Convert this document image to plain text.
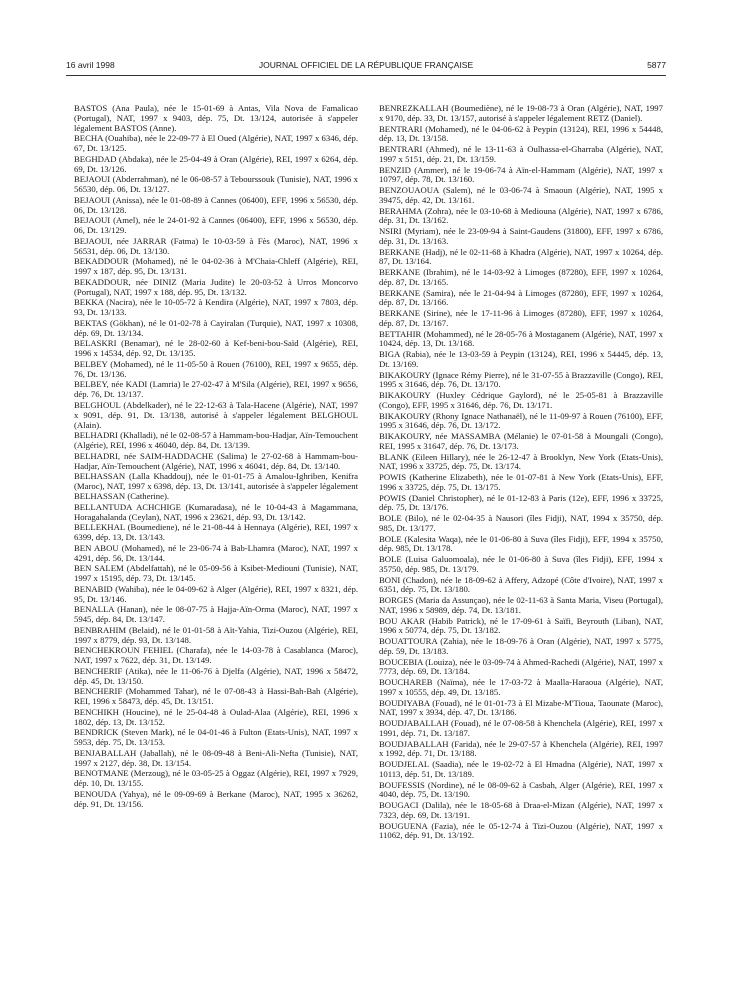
16 avril 1998	JOURNAL OFFICIEL DE LA RÉPUBLIQUE FRANÇAISE	5877
BASTOS (Ana Paula), née le 15-01-69 à Antas, Vila Nova de Famalicao (Portugal), NAT, 1997 x 9403, dép. 75, Dt. 13/124, autorisée à s'appeler légalement BASTOS (Anne).
BECHA (Ouahiba), née le 22-09-77 à El Oued (Algérie), NAT, 1997 x 6346, dép. 67, Dt. 13/125.
BEGHDAD (Abdaka), née le 25-04-49 à Oran (Algérie), REI, 1997 x 6264, dép. 69, Dt. 13/126.
BEJAOUI (Abderrahman), né le 06-08-57 à Tebourssouk (Tunisie), NAT, 1996 x 56530, dép. 06, Dt. 13/127.
BEJAOUI (Anissa), née le 01-08-89 à Cannes (06400), EFF, 1996 x 56530, dép. 06, Dt. 13/128.
BEJAOUI (Amel), née le 24-01-92 à Cannes (06400), EFF, 1996 x 56530, dép. 06, Dt. 13/129.
BEJAOUI, née JARRAR (Fatma) le 10-03-59 à Fès (Maroc), NAT, 1996 x 56531, dép. 06, Dt. 13/130.
BEKADDOUR (Mohamed), né le 04-02-36 à M'Chaia-Chleff (Algérie), REI, 1997 x 187, dép. 95, Dt. 13/131.
BEKADDOUR, née DINIZ (Maria Judite) le 20-03-52 à Urros Moncorvo (Portugal), NAT, 1997 x 188, dép. 95, Dt. 13/132.
BEKKA (Nacira), née le 10-05-72 à Kendira (Algérie), NAT, 1997 x 7803, dép. 93, Dt. 13/133.
BEKTAS (Gökhan), né le 01-02-78 à Cayiralan (Turquie), NAT, 1997 x 10308, dép. 69, Dt. 13/134.
BELASKRI (Benamar), né le 28-02-60 à Kef-beni-bou-Saïd (Algérie), REI, 1996 x 14534, dép. 92, Dt. 13/135.
BELBEY (Mohamed), né le 11-05-50 à Rouen (76100), REI, 1997 x 9655, dép. 76, Dt. 13/136.
BELBEY, née KADI (Lamria) le 27-02-47 à M'Sila (Algérie), REI, 1997 x 9656, dép. 76, Dt. 13/137.
BELGHOUL (Abdelkader), né le 22-12-63 à Tala-Hacene (Algérie), NAT, 1997 x 9091, dép. 91, Dt. 13/138, autorisé à s'appeler légalement BELGHOUL (Alain).
BELHADRI (Khalladi), né le 02-08-57 à Hammam-bou-Hadjar, Aïn-Temouchent (Algérie), REI, 1996 x 46040, dép. 84, Dt. 13/139.
BELHADRI, née SAIM-HADDACHE (Salima) le 27-02-68 à Hammam-bou-Hadjar, Aïn-Temouchent (Algérie), NAT, 1996 x 46041, dép. 84, Dt. 13/140.
BELHASSAN (Lalla Khaddouj), née le 01-01-75 à Amalou-Ighriben, Kenifra (Maroc), NAT, 1997 x 6398, dép. 13, Dt. 13/141, autorisée à s'appeler légalement BELHASSAN (Catherine).
BELLANTUDA ACHCHIGE (Kumaradasa), né le 10-04-43 à Magammana, Horagahalanda (Ceylan), NAT, 1996 x 23621, dép. 93, Dt. 13/142.
BELLEKHAL (Boumediene), né le 21-08-44 à Hennaya (Algérie), REI, 1997 x 6399, dép. 13, Dt. 13/143.
BEN ABOU (Mohamed), né le 23-06-74 à Bab-Lhamra (Maroc), NAT, 1997 x 4291, dép. 56, Dt. 13/144.
BEN SALEM (Abdelfattah), né le 05-09-56 à Ksibet-Mediouni (Tunisie), NAT, 1997 x 15195, dép. 73, Dt. 13/145.
BENABID (Wahiba), née le 04-09-62 à Alger (Algérie), REI, 1997 x 8321, dép. 95, Dt. 13/146.
BENALLA (Hanan), née le 08-07-75 à Hajja-Aïn-Orma (Maroc), NAT, 1997 x 5945, dép. 84, Dt. 13/147.
BENBRAHIM (Belaid), né le 01-01-58 à Aït-Yahia, Tizi-Ouzou (Algérie), REI, 1997 x 8779, dép. 93, Dt. 13/148.
BENCHEKROUN FEHIEL (Charafa), née le 14-03-78 à Casablanca (Maroc), NAT, 1997 x 7622, dép. 31, Dt. 13/149.
BENCHERIF (Atika), née le 11-06-76 à Djelfa (Algérie), NAT, 1996 x 58472, dép. 45, Dt. 13/150.
BENCHERIF (Mohammed Tahar), né le 07-08-43 à Hassi-Bah-Bah (Algérie), REI, 1996 x 58473, dép. 45, Dt. 13/151.
BENCHIKH (Houcine), né le 25-04-48 à Oulad-Alaa (Algérie), REI, 1996 x 1802, dép. 13, Dt. 13/152.
BENDRICK (Steven Mark), né le 04-01-46 à Fulton (Etats-Unis), NAT, 1997 x 5953, dép. 75, Dt. 13/153.
BENJABALLAH (Jaballah), né le 08-09-48 à Beni-Ali-Nefta (Tunisie), NAT, 1997 x 2127, dép. 38, Dt. 13/154.
BENOTMANE (Merzoug), né le 03-05-25 à Oggaz (Algérie), REI, 1997 x 7929, dép. 10, Dt. 13/155.
BENOUDA (Yahya), né le 09-09-69 à Berkane (Maroc), NAT, 1995 x 36262, dép. 91, Dt. 13/156.
BENREZKALLAH (Boumediène), né le 19-08-73 à Oran (Algérie), NAT, 1997 x 9170, dép. 33, Dt. 13/157, autorisé à s'appeler légalement RETZ (Daniel).
BENTRARI (Mohamed), né le 04-06-62 à Peypin (13124), REI, 1996 x 54448, dép. 13, Dt. 13/158.
BENTRARI (Ahmed), né le 13-11-63 à Oulhassa-el-Gharraba (Algérie), NAT, 1997 x 5151, dép. 21, Dt. 13/159.
BENZID (Ammer), né le 19-06-74 à Aïn-el-Hammam (Algérie), NAT, 1997 x 10797, dép. 78, Dt. 13/160.
BENZOUAOUA (Salem), né le 03-06-74 à Smaoun (Algérie), NAT, 1995 x 39475, dép. 42, Dt. 13/161.
BERAHMA (Zohra), née le 03-10-68 à Mediouna (Algérie), NAT, 1997 x 6786, dép. 31, Dt. 13/162.
NSIRI (Myriam), née le 23-09-94 à Saint-Gaudens (31800), EFF, 1997 x 6786, dép. 31, Dt. 13/163.
BERKANE (Hadj), né le 02-11-68 à Khadra (Algérie), NAT, 1997 x 10264, dép. 87, Dt. 13/164.
BERKANE (Ibrahim), né le 14-03-92 à Limoges (87280), EFF, 1997 x 10264, dép. 87, Dt. 13/165.
BERKANE (Samira), née le 21-04-94 à Limoges (87280), EFF, 1997 x 10264, dép. 87, Dt. 13/166.
BERKANE (Sirine), née le 17-11-96 à Limoges (87280), EFF, 1997 x 10264, dép. 87, Dt. 13/167.
BETTAHIR (Mohammed), né le 28-05-76 à Mostaganem (Algérie), NAT, 1997 x 10424, dép. 13, Dt. 13/168.
BIGA (Rabia), née le 13-03-59 à Peypin (13124), REI, 1996 x 54445, dép. 13, Dt. 13/169.
BIKAKOURY (Ignace Rémy Pierre), né le 31-07-55 à Brazzaville (Congo), REI, 1995 x 31646, dép. 76, Dt. 13/170.
BIKAKOURY (Huxley Cédrique Gaylord), né le 25-05-81 à Brazzaville (Congo), EFF, 1995 x 31646, dép. 76, Dt. 13/171.
BIKAKOURY (Rhony Ignace Nathanaël), né le 11-09-97 à Rouen (76100), EFF, 1995 x 31646, dép. 76, Dt. 13/172.
BIKAKOURY, née MASSAMBA (Mélanie) le 07-01-58 à Moungali (Congo), REI, 1995 x 31647, dép. 76, Dt. 13/173.
BLANK (Eileen Hillary), née le 26-12-47 à Brooklyn, New York (Etats-Unis), NAT, 1996 x 33725, dép. 75, Dt. 13/174.
POWIS (Katherine Elizabeth), née le 01-07-81 à New York (Etats-Unis), EFF, 1996 x 33725, dép. 75, Dt. 13/175.
POWIS (Daniel Christopher), né le 01-12-83 à Paris (12e), EFF, 1996 x 33725, dép. 75, Dt. 13/176.
BOLE (Bilo), né le 02-04-35 à Nausori (îles Fidji), NAT, 1994 x 35750, dép. 985, Dt. 13/177.
BOLE (Kalesita Waqa), née le 01-06-80 à Suva (îles Fidji), EFF, 1994 x 35750, dép. 985, Dt. 13/178.
BOLE (Luisa Galuomoala), née le 01-06-80 à Suva (îles Fidji), EFF, 1994 x 35750, dép. 985, Dt. 13/179.
BONI (Chadon), née le 18-09-62 à Affery, Adzopé (Côte d'Ivoire), NAT, 1997 x 6351, dép. 75, Dt. 13/180.
BORGES (Maria da Assunçao), née le 02-11-63 à Santa Maria, Viseu (Portugal), NAT, 1996 x 58989, dép. 74, Dt. 13/181.
BOU AKAR (Habib Patrick), né le 17-09-61 à Saïfi, Beyrouth (Liban), NAT, 1996 x 50774, dép. 75, Dt. 13/182.
BOUATTOURA (Zahia), née le 18-09-76 à Oran (Algérie), NAT, 1997 x 5775, dép. 59, Dt. 13/183.
BOUCEBIA (Louiza), née le 03-09-74 à Ahmed-Rachedi (Algérie), NAT, 1997 x 7773, dép. 69, Dt. 13/184.
BOUCHAREB (Naïma), née le 17-03-72 à Maalla-Haraoua (Algérie), NAT, 1997 x 10555, dép. 49, Dt. 13/185.
BOUDIYABA (Fouad), né le 01-01-73 à El Mizabe-M'Tioua, Taounate (Maroc), NAT, 1997 x 3934, dép. 47, Dt. 13/186.
BOUDJABALLAH (Fouad), né le 07-08-58 à Khenchela (Algérie), REI, 1997 x 1991, dép. 71, Dt. 13/187.
BOUDJABALLAH (Farida), née le 29-07-57 à Khenchela (Algérie), REI, 1997 x 1992, dép. 71, Dt. 13/188.
BOUDJELAL (Saadia), née le 19-02-72 à El Hmadna (Algérie), NAT, 1997 x 10113, dép. 51, Dt. 13/189.
BOUFESSIS (Nordine), né le 08-09-62 à Casbah, Alger (Algérie), REI, 1997 x 4040, dép. 75, Dt. 13/190.
BOUGACI (Dalila), née le 18-05-68 à Draa-el-Mizan (Algérie), NAT, 1997 x 7323, dép. 69, Dt. 13/191.
BOUGUENA (Fazia), née le 05-12-74 à Tizi-Ouzou (Algérie), NAT, 1997 x 11062, dép. 91, Dt. 13/192.
